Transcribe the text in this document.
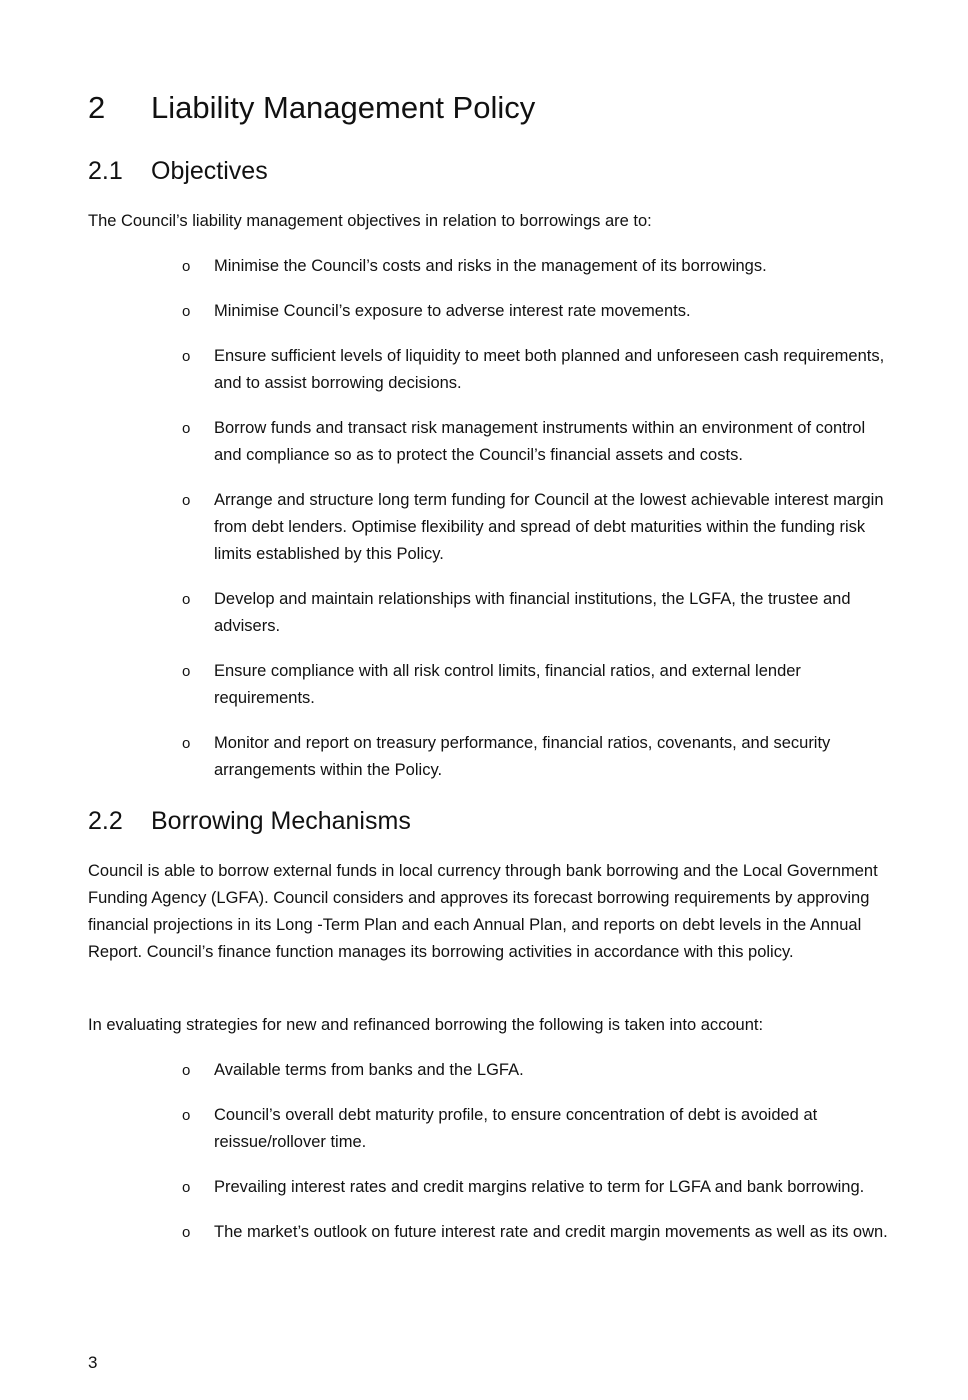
2 Liability Management Policy
2.1 Objectives

The Council’s liability management objectives in relation to borrowings are to:

o Minimise the Council’s costs and risks in the management of its borrowings.
o Minimise Council’s exposure to adverse interest rate movements.
o Ensure sufficient levels of liquidity to meet both planned and unforeseen cash requirements, and to assist borrowing decisions.
o Borrow funds and transact risk management instruments within an environment of control and compliance so as to protect the Council’s financial assets and costs.
o Arrange and structure long term funding for Council at the lowest achievable interest margin from debt lenders. Optimise flexibility and spread of debt maturities within the funding risk limits established by this Policy.
o Develop and maintain relationships with financial institutions, the LGFA, the trustee and advisers.
o Ensure compliance with all risk control limits, financial ratios, and external lender requirements.
o Monitor and report on treasury performance, financial ratios, covenants, and security arrangements within the Policy.
2.2 Borrowing Mechanisms

Council is able to borrow external funds in local currency through bank borrowing and the Local Government Funding Agency (LGFA). Council considers and approves its forecast borrowing requirements by approving financial projections in its Long -Term Plan and each Annual Plan, and reports on debt levels in the Annual Report. Council’s finance function manages its borrowing activities in accordance with this policy.

In evaluating strategies for new and refinanced borrowing the following is taken into account:

o Available terms from banks and the LGFA.
o Council’s overall debt maturity profile, to ensure concentration of debt is avoided at reissue/rollover time.
o Prevailing interest rates and credit margins relative to term for LGFA and bank borrowing.
o The market’s outlook on future interest rate and credit margin movements as well as its own.
3
